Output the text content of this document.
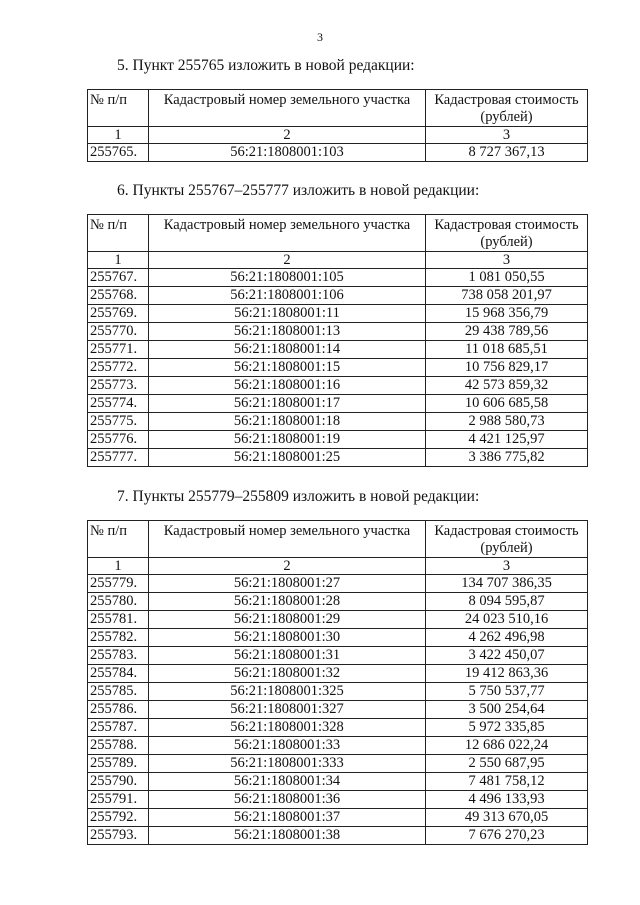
3
5. Пункт 255765 изложить в новой редакции:
№ п/п	Кадастровый номер земельного участка	Кадастровая стоимость (рублей)
1	2	3
255765.	56:21:1808001:103	8 727 367,13
6. Пункты 255767–255777 изложить в новой редакции:
№ п/п	Кадастровый номер земельного участка	Кадастровая стоимость (рублей)
1	2	3
255767.	56:21:1808001:105	1 081 050,55
255768.	56:21:1808001:106	738 058 201,97
255769.	56:21:1808001:11	15 968 356,79
255770.	56:21:1808001:13	29 438 789,56
255771.	56:21:1808001:14	11 018 685,51
255772.	56:21:1808001:15	10 756 829,17
255773.	56:21:1808001:16	42 573 859,32
255774.	56:21:1808001:17	10 606 685,58
255775.	56:21:1808001:18	2 988 580,73
255776.	56:21:1808001:19	4 421 125,97
255777.	56:21:1808001:25	3 386 775,82
7. Пункты 255779–255809 изложить в новой редакции:
№ п/п	Кадастровый номер земельного участка	Кадастровая стоимость (рублей)
1	2	3
255779.	56:21:1808001:27	134 707 386,35
255780.	56:21:1808001:28	8 094 595,87
255781.	56:21:1808001:29	24 023 510,16
255782.	56:21:1808001:30	4 262 496,98
255783.	56:21:1808001:31	3 422 450,07
255784.	56:21:1808001:32	19 412 863,36
255785.	56:21:1808001:325	5 750 537,77
255786.	56:21:1808001:327	3 500 254,64
255787.	56:21:1808001:328	5 972 335,85
255788.	56:21:1808001:33	12 686 022,24
255789.	56:21:1808001:333	2 550 687,95
255790.	56:21:1808001:34	7 481 758,12
255791.	56:21:1808001:36	4 496 133,93
255792.	56:21:1808001:37	49 313 670,05
255793.	56:21:1808001:38	7 676 270,23
